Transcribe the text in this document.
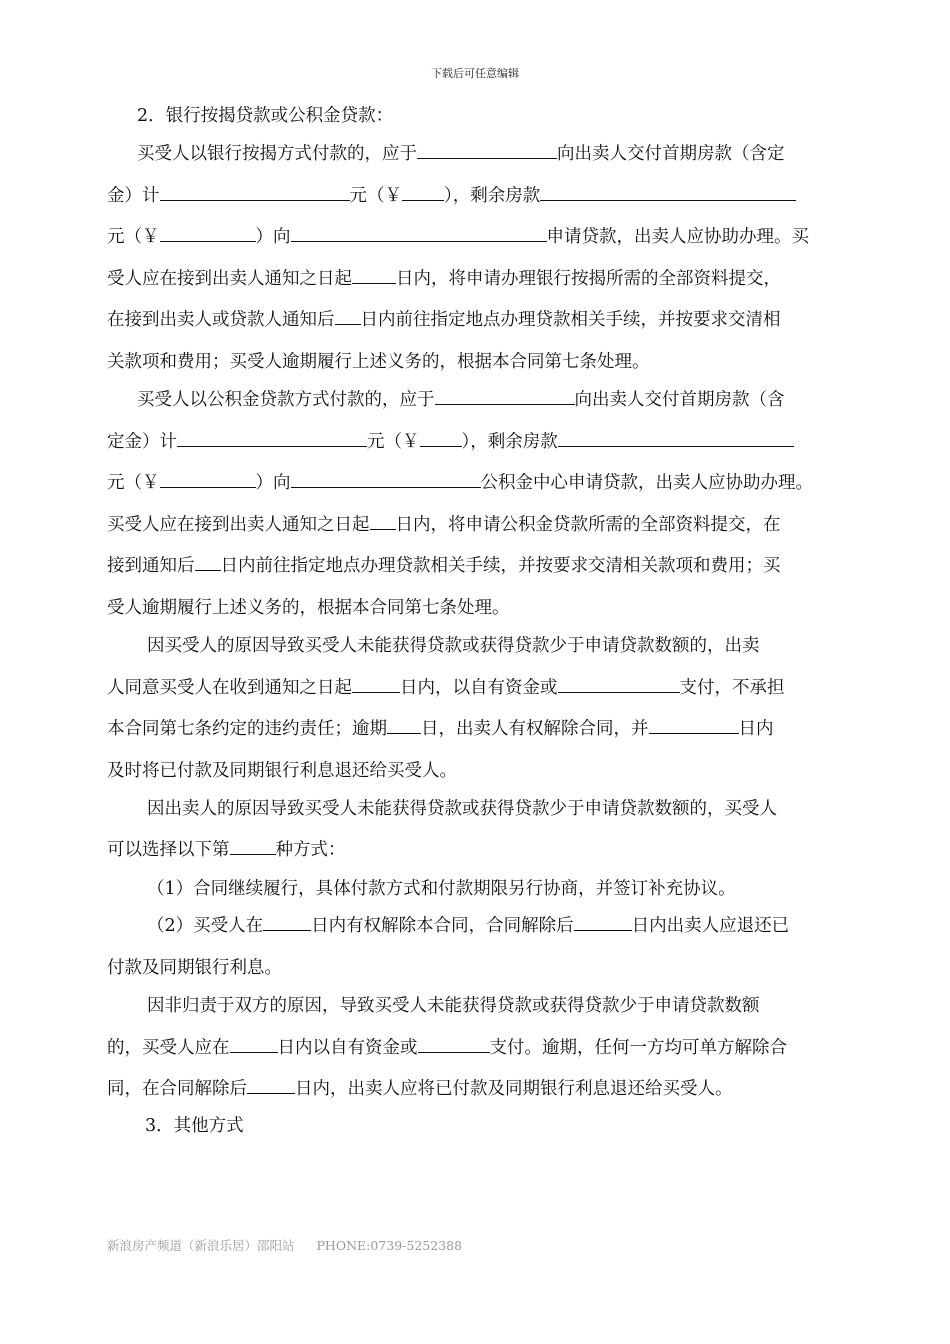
下载后可任意编辑
2．银行按揭贷款或公积金贷款：
买受人以银行按揭方式付款的，应于	向出卖人交付首期房款（含定
金）计	元（￥ ），剩余房款
元（￥	）向	申请贷款，出卖人应协助办理。买
受人应在接到出卖人通知之日起	日内，将申请办理银行按揭所需的全部资料提交，
在接到出卖人或贷款人通知后 日内前往指定地点办理贷款相关手续，并按要求交清相
关款项和费用；买受人逾期履行上述义务的，根据本合同第七条处理。
买受人以公积金贷款方式付款的，应于	向出卖人交付首期房款（含
定金）计	元（￥ ），剩余房款
元（￥	）向	公积金中心申请贷款，出卖人应协助办理。
买受人应在接到出卖人通知之日起 日内，将申请公积金贷款所需的全部资料提交，在
接到通知后 日内前往指定地点办理贷款相关手续，并按要求交清相关款项和费用；买
受人逾期履行上述义务的，根据本合同第七条处理。
因买受人的原因导致买受人未能获得贷款或获得贷款少于申请贷款数额的，出卖
人同意买受人在收到通知之日起	日内，以自有资金或	支付，不承担
本合同第七条约定的违约责任；逾期 日，出卖人有权解除合同，并	日内
及时将已付款及同期银行利息退还给买受人。
因出卖人的原因导致买受人未能获得贷款或获得贷款少于申请贷款数额的，买受人
可以选择以下第	种方式：
（1）合同继续履行，具体付款方式和付款期限另行协商，并签订补充协议。
（2）买受人在	日内有权解除本合同，合同解除后	日内出卖人应退还已
付款及同期银行利息。
因非归责于双方的原因，导致买受人未能获得贷款或获得贷款少于申请贷款数额
的，买受人应在	日内以自有资金或	支付。逾期，任何一方均可单方解除合
同，在合同解除后	日内，出卖人应将已付款及同期银行利息退还给买受人。
3．其他方式
新浪房产频道（新浪乐居）邵阳站 PHONE:0739-5252388
